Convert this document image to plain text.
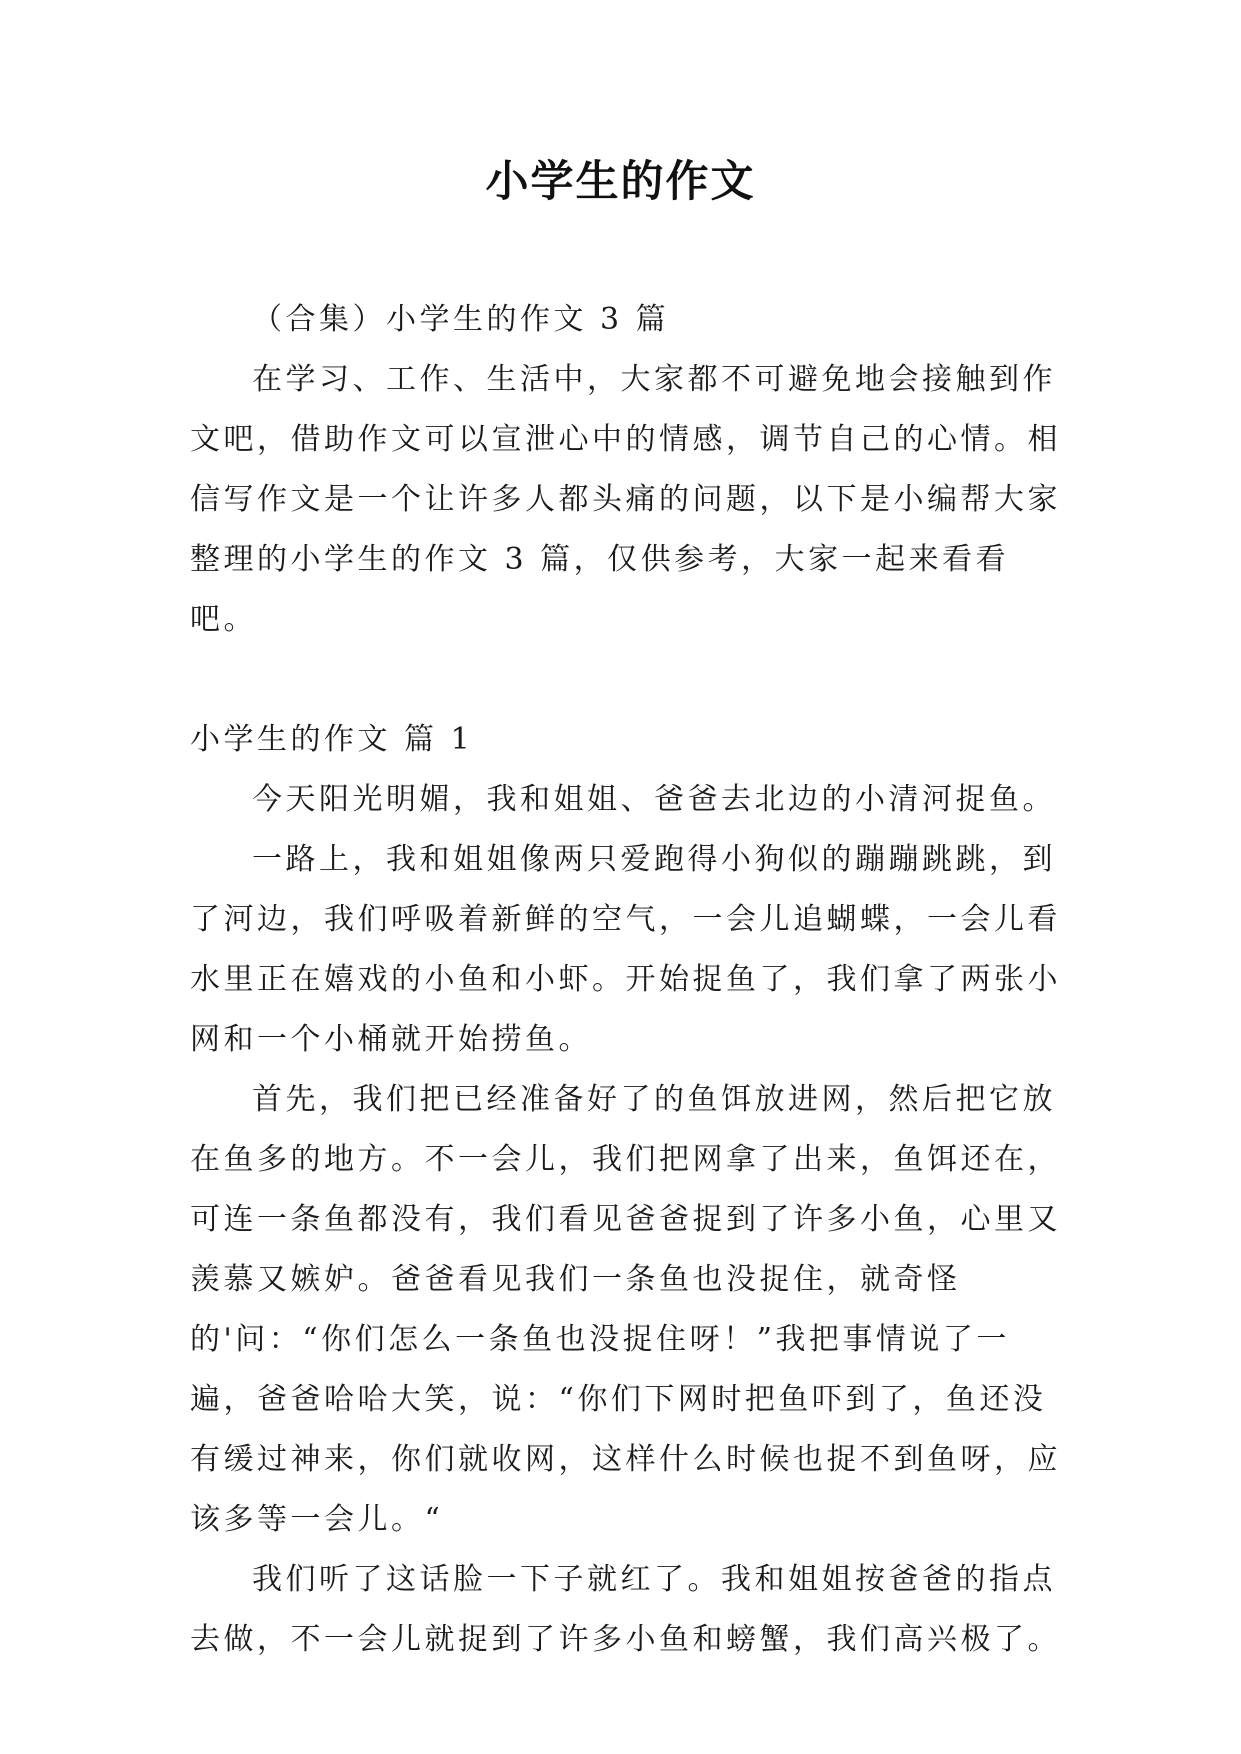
小学生的作文

（合集）小学生的作文 3 篇

在学习、工作、生活中，大家都不可避免地会接触到作文吧，借助作文可以宣泄心中的情感，调节自己的心情。相信写作文是一个让许多人都头痛的问题，以下是小编帮大家整理的小学生的作文 3 篇，仅供参考，大家一起来看看吧。

小学生的作文 篇 1

今天阳光明媚，我和姐姐、爸爸去北边的小清河捉鱼。

一路上，我和姐姐像两只爱跑得小狗似的蹦蹦跳跳，到了河边，我们呼吸着新鲜的空气，一会儿追蝴蝶，一会儿看水里正在嬉戏的小鱼和小虾。开始捉鱼了，我们拿了两张小网和一个小桶就开始捞鱼。

首先，我们把已经准备好了的鱼饵放进网，然后把它放在鱼多的地方。不一会儿，我们把网拿了出来，鱼饵还在，可连一条鱼都没有，我们看见爸爸捉到了许多小鱼，心里又羡慕又嫉妒。爸爸看见我们一条鱼也没捉住，就奇怪的'问：“你们怎么一条鱼也没捉住呀！”我把事情说了一遍，爸爸哈哈大笑，说：“你们下网时把鱼吓到了，鱼还没有缓过神来，你们就收网，这样什么时候也捉不到鱼呀，应该多等一会儿。“

我们听了这话脸一下子就红了。我和姐姐按爸爸的指点去做，不一会儿就捉到了许多小鱼和螃蟹，我们高兴极了。
